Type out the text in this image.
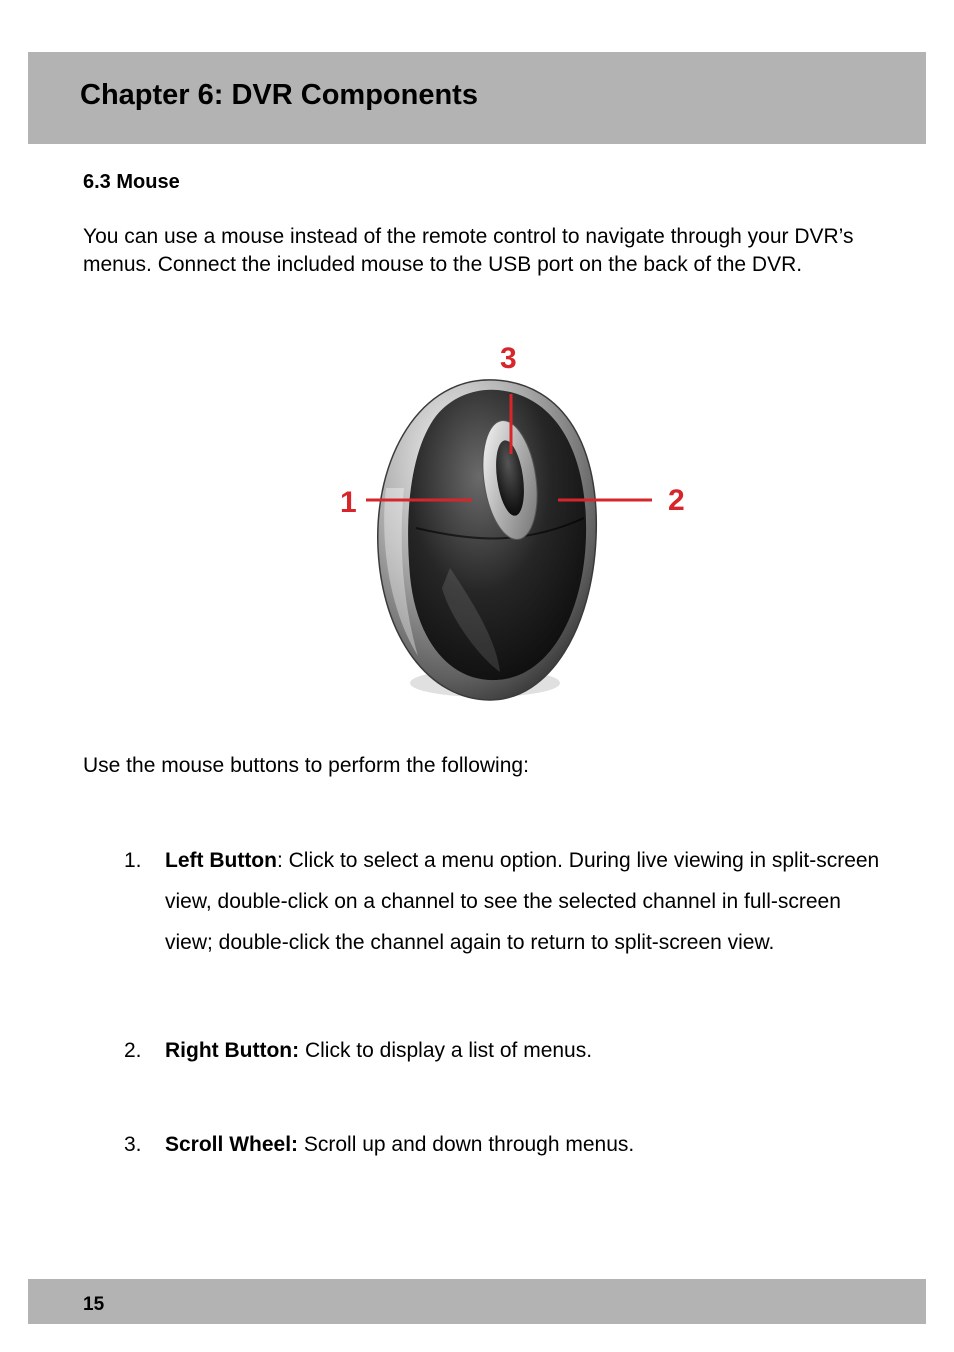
Chapter 6: DVR Components
6.3 Mouse

You can use a mouse instead of the remote control to navigate through your DVR’s menus. Connect the included mouse to the USB port on the back of the DVR.

1	2
3

Use the mouse buttons to perform the following:

1. Left Button: Click to select a menu option. During live viewing in split-screen view, double-click on a channel to see the selected channel in full-screen view; double-click the channel again to return to split-screen view.
2. Right Button: Click to display a list of menus.
3. Scroll Wheel: Scroll up and down through menus.
15
